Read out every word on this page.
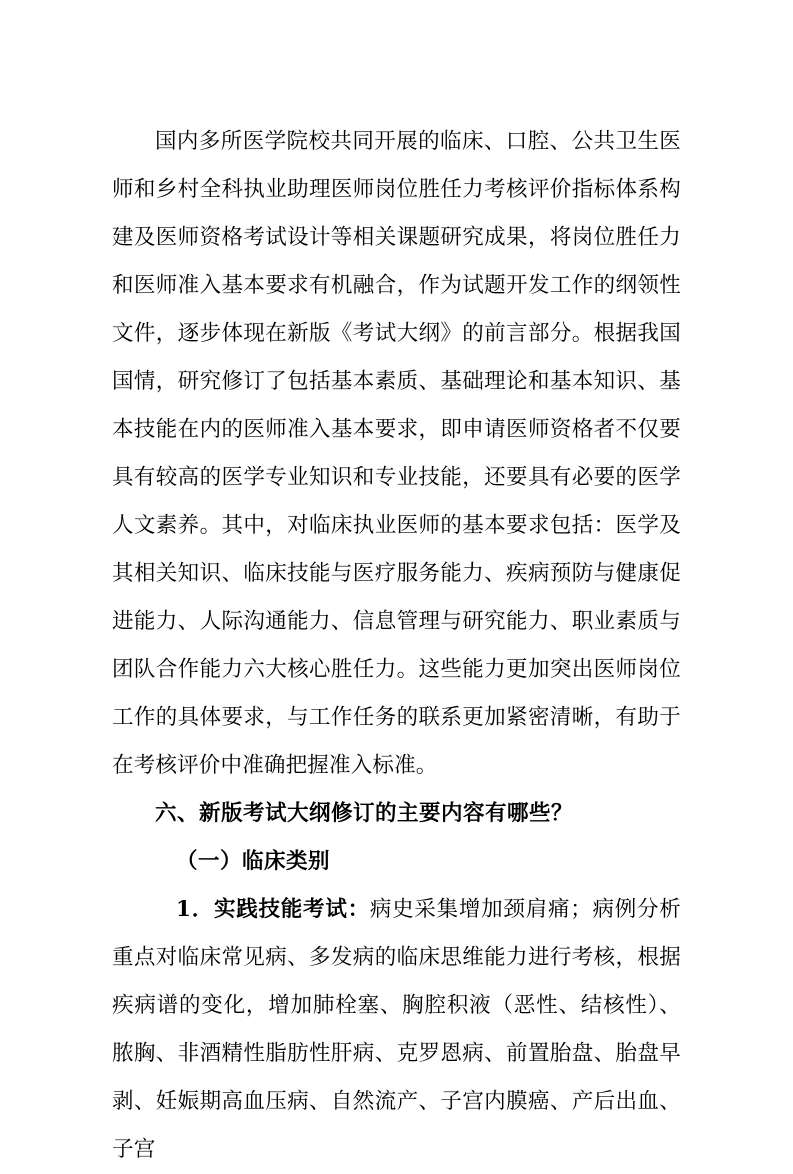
国内多所医学院校共同开展的临床、口腔、公共卫生医师和乡村全科执业助理医师岗位胜任力考核评价指标体系构建及医师资格考试设计等相关课题研究成果，将岗位胜任力和医师准入基本要求有机融合，作为试题开发工作的纲领性文件，逐步体现在新版《考试大纲》的前言部分。根据我国国情，研究修订了包括基本素质、基础理论和基本知识、基本技能在内的医师准入基本要求，即申请医师资格者不仅要具有较高的医学专业知识和专业技能，还要具有必要的医学人文素养。其中，对临床执业医师的基本要求包括：医学及其相关知识、临床技能与医疗服务能力、疾病预防与健康促进能力、人际沟通能力、信息管理与研究能力、职业素质与团队合作能力六大核心胜任力。这些能力更加突出医师岗位工作的具体要求，与工作任务的联系更加紧密清晰，有助于在考核评价中准确把握准入标准。

六、新版考试大纲修订的主要内容有哪些？

（一）临床类别

1．实践技能考试：病史采集增加颈肩痛；病例分析重点对临床常见病、多发病的临床思维能力进行考核，根据疾病谱的变化，增加肺栓塞、胸腔积液（恶性、结核性）、脓胸、非酒精性脂肪性肝病、克罗恩病、前置胎盘、胎盘早剥、妊娠期高血压病、自然流产、子宫内膜癌、产后出血、子宫
